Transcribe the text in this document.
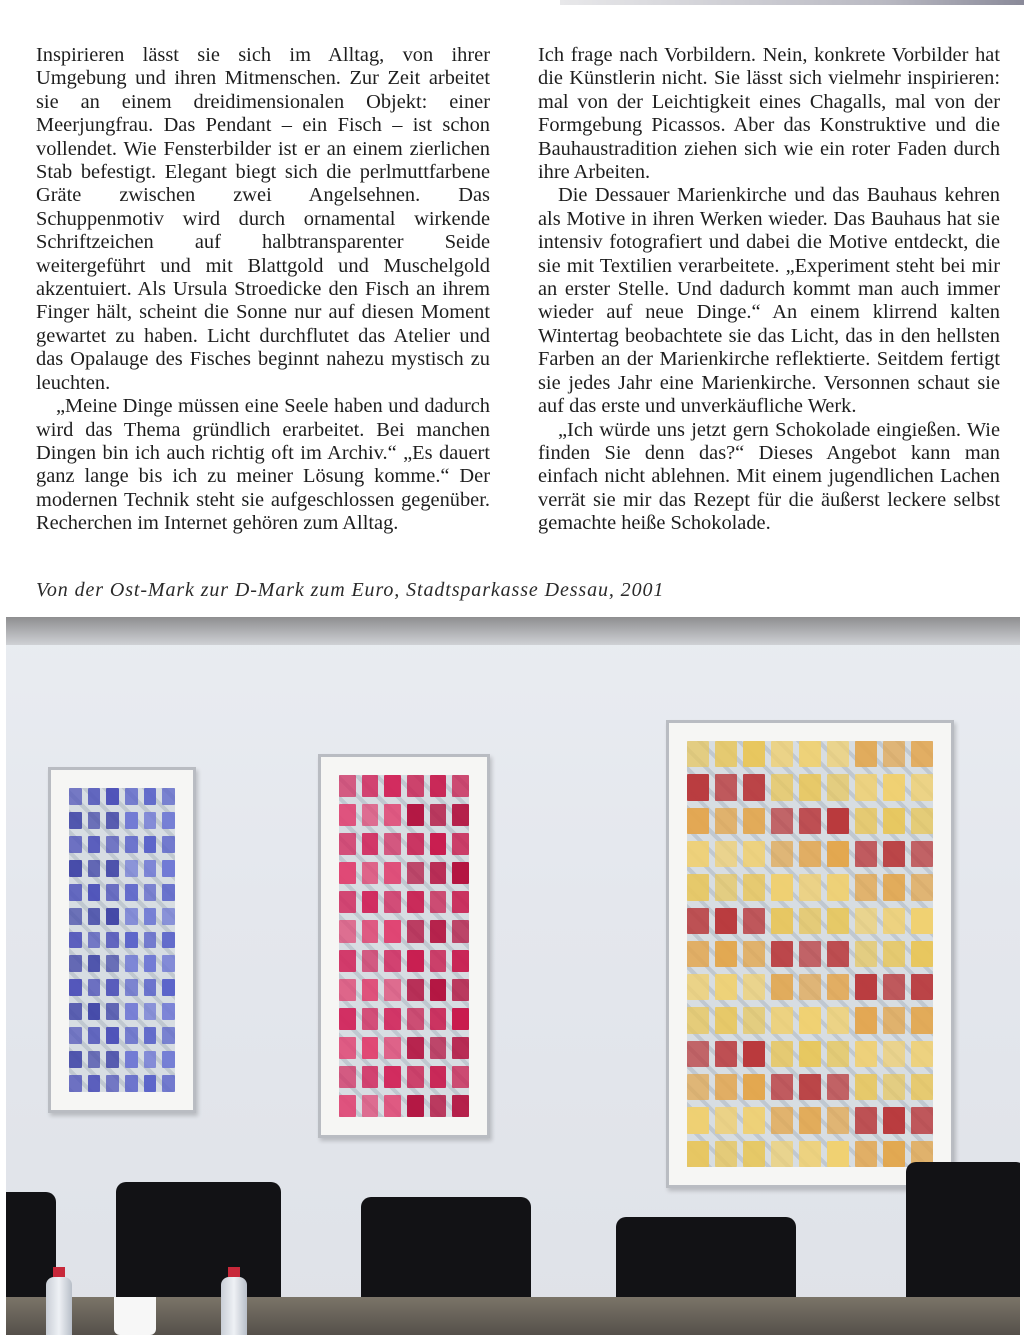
Inspirieren lässt sie sich im Alltag, von ihrer Umgebung und ihren Mitmenschen. Zur Zeit arbeitet sie an einem dreidimensionalen Objekt: einer Meerjungfrau. Das Pendant – ein Fisch – ist schon vollendet. Wie Fensterbilder ist er an einem zierlichen Stab befestigt. Elegant biegt sich die perlmuttfarbene Gräte zwischen zwei Angelsehnen. Das Schuppenmotiv wird durch ornamental wirkende Schriftzeichen auf halbtransparenter Seide weitergeführt und mit Blattgold und Muschelgold akzentuiert. Als Ursula Stroedicke den Fisch an ihrem Finger hält, scheint die Sonne nur auf diesen Moment gewartet zu haben. Licht durchflutet das Atelier und das Opalauge des Fisches beginnt nahezu mystisch zu leuchten.

„Meine Dinge müssen eine Seele haben und dadurch wird das Thema gründlich erarbeitet. Bei manchen Dingen bin ich auch richtig oft im Archiv.“ „Es dauert ganz lange bis ich zu meiner Lösung komme.“ Der modernen Technik steht sie aufgeschlossen gegenüber. Recherchen im Internet gehören zum Alltag.

Ich frage nach Vorbildern. Nein, konkrete Vorbilder hat die Künstlerin nicht. Sie lässt sich vielmehr inspirieren: mal von der Leichtigkeit eines Chagalls, mal von der Formgebung Picassos. Aber das Konstruktive und die Bauhaustradition ziehen sich wie ein roter Faden durch ihre Arbeiten.

Die Dessauer Marienkirche und das Bauhaus kehren als Motive in ihren Werken wieder. Das Bauhaus hat sie intensiv fotografiert und dabei die Motive entdeckt, die sie mit Textilien verarbeitete. „Experiment steht bei mir an erster Stelle. Und dadurch kommt man auch immer wieder auf neue Dinge.“ An einem klirrend kalten Wintertag beobachtete sie das Licht, das in den hellsten Farben an der Marienkirche reflektierte. Seitdem fertigt sie jedes Jahr eine Marienkirche. Versonnen schaut sie auf das erste und unverkäufliche Werk.

„Ich würde uns jetzt gern Schokolade eingießen. Wie finden Sie denn das?“ Dieses Angebot kann man einfach nicht ablehnen. Mit einem jugendlichen Lachen verrät sie mir das Rezept für die äußerst leckere selbst gemachte heiße Schokolade.

Von der Ost-Mark zur D-Mark zum Euro, Stadtsparkasse Dessau, 2001
